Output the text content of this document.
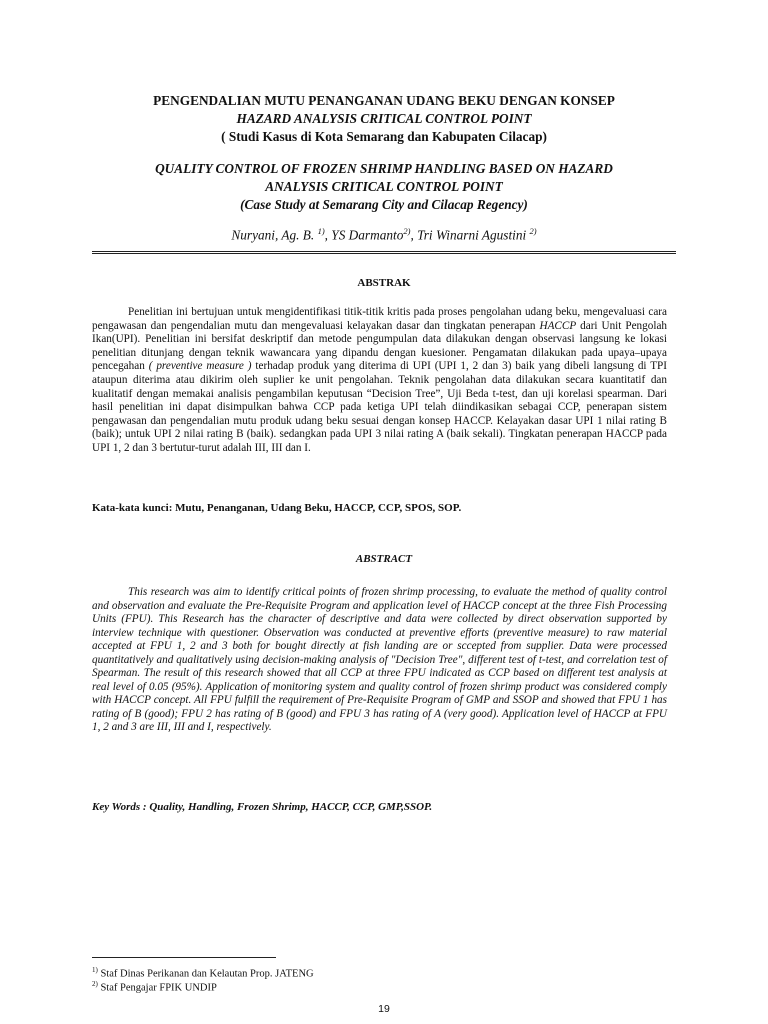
PENGENDALIAN MUTU PENANGANAN UDANG BEKU DENGAN KONSEP
HAZARD ANALYSIS CRITICAL CONTROL POINT
( Studi Kasus di Kota Semarang dan Kabupaten Cilacap)
QUALITY CONTROL OF FROZEN SHRIMP HANDLING BASED ON HAZARD
ANALYSIS CRITICAL CONTROL POINT
(Case Study at Semarang City and Cilacap Regency)
Nuryani, Ag. B. $^{1)}$, YS Darmanto$^{2)}$, Tri Winarni Agustini $^{2)}$
ABSTRAK
Penelitian ini bertujuan untuk mengidentifikasi titik-titik kritis pada proses pengolahan udang beku, mengevaluasi cara pengawasan dan pengendalian mutu dan mengevaluasi kelayakan dasar dan tingkatan penerapan HACCP dari Unit Pengolah Ikan(UPI). Penelitian ini bersifat deskriptif dan metode pengumpulan data dilakukan dengan observasi langsung ke lokasi penelitian ditunjang dengan teknik wawancara yang dipandu dengan kuesioner. Pengamatan dilakukan pada upaya–upaya pencegahan ( preventive measure ) terhadap produk yang diterima di UPI (UPI 1, 2 dan 3) baik yang dibeli langsung di TPI ataupun diterima atau dikirim oleh suplier ke unit pengolahan. Teknik pengolahan data dilakukan secara kuantitatif dan kualitatif dengan memakai analisis pengambilan keputusan “Decision Tree”, Uji Beda t-test, dan uji korelasi spearman. Dari hasil penelitian ini dapat disimpulkan bahwa CCP pada ketiga UPI telah diindikasikan sebagai CCP, penerapan sistem pengawasan dan pengendalian mutu produk udang beku sesuai dengan konsep HACCP. Kelayakan dasar UPI 1 nilai rating B (baik); untuk UPI 2 nilai rating B (baik). sedangkan pada UPI 3 nilai rating A (baik sekali). Tingkatan penerapan HACCP pada UPI 1, 2 dan 3 bertutur-turut adalah III, III dan I.
Kata-kata kunci: Mutu, Penanganan, Udang Beku, HACCP, CCP, SPOS, SOP.
ABSTRACT
This research was aim to identify critical points of frozen shrimp processing, to evaluate the method of quality control and observation and evaluate the Pre-Requisite Program and application level of HACCP concept at the three Fish Processing Units (FPU). This Research has the character of descriptive and data were collected by direct observation supported by interview technique with questioner. Observation was conducted at preventive efforts (preventive measure) to raw material accepted at FPU 1, 2 and 3 both for bought directly at fish landing are or sccepted from supplier. Data were processed quantitatively and qualitatively using decision-making analysis of "Decision Tree", different test of t-test, and correlation test of Spearman. The result of this research showed that all CCP at three FPU indicated as CCP based on different test analysis at real level of 0.05 (95%). Application of monitoring system and quality control of frozen shrimp product was considered comply with HACCP concept. All FPU fulfill the requirement of Pre-Requisite Program of GMP and SSOP and showed that FPU 1 has rating of B (good); FPU 2 has rating of B (good) and FPU 3 has rating of A (very good). Application level of HACCP at FPU 1, 2 and 3 are III, III and I, respectively.
Key Words : Quality, Handling, Frozen Shrimp, HACCP, CCP, GMP,SSOP.
$^{1)}$ Staf Dinas Perikanan dan Kelautan Prop. JATENG
$^{2)}$ Staf Pengajar FPIK UNDIP
19
